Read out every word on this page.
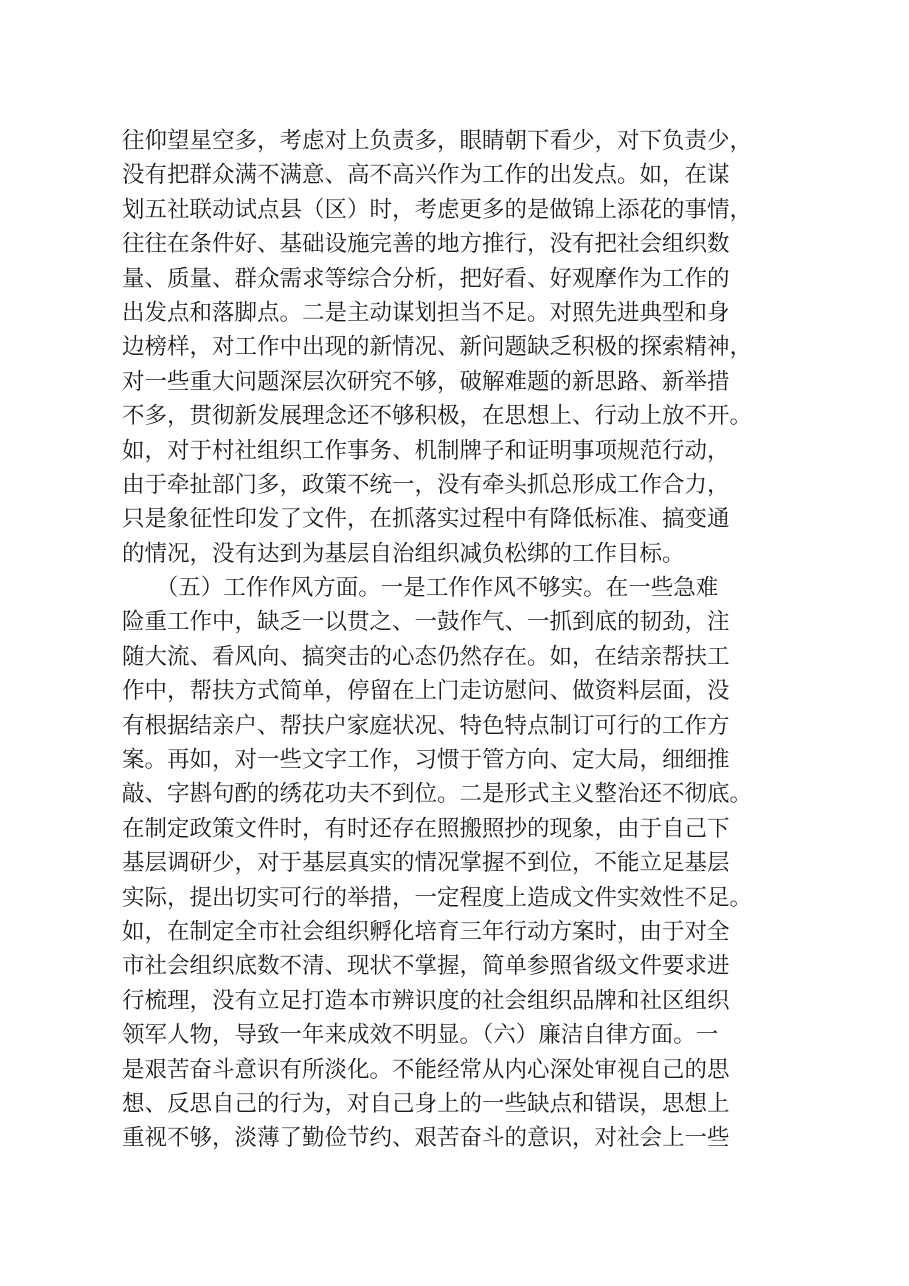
往仰望星空多，考虑对上负责多，眼睛朝下看少，对下负责少，
没有把群众满不满意、高不高兴作为工作的出发点。如，在谋
划五社联动试点县（区）时，考虑更多的是做锦上添花的事情，
往往在条件好、基础设施完善的地方推行，没有把社会组织数
量、质量、群众需求等综合分析，把好看、好观摩作为工作的
出发点和落脚点。二是主动谋划担当不足。对照先进典型和身
边榜样，对工作中出现的新情况、新问题缺乏积极的探索精神，
对一些重大问题深层次研究不够，破解难题的新思路、新举措
不多，贯彻新发展理念还不够积极，在思想上、行动上放不开。
如，对于村社组织工作事务、机制牌子和证明事项规范行动，
由于牵扯部门多，政策不统一，没有牵头抓总形成工作合力，
只是象征性印发了文件，在抓落实过程中有降低标准、搞变通
的情况，没有达到为基层自治组织减负松绑的工作目标。
　　（五）工作作风方面。一是工作作风不够实。在一些急难
险重工作中，缺乏一以贯之、一鼓作气、一抓到底的韧劲，注
随大流、看风向、搞突击的心态仍然存在。如，在结亲帮扶工
作中，帮扶方式简单，停留在上门走访慰问、做资料层面，没
有根据结亲户、帮扶户家庭状况、特色特点制订可行的工作方
案。再如，对一些文字工作，习惯于管方向、定大局，细细推
敲、字斟句酌的绣花功夫不到位。二是形式主义整治还不彻底。
在制定政策文件时，有时还存在照搬照抄的现象，由于自己下
基层调研少，对于基层真实的情况掌握不到位，不能立足基层
实际，提出切实可行的举措，一定程度上造成文件实效性不足。
如，在制定全市社会组织孵化培育三年行动方案时，由于对全
市社会组织底数不清、现状不掌握，简单参照省级文件要求进
行梳理，没有立足打造本市辨识度的社会组织品牌和社区组织
领军人物，导致一年来成效不明显。（六）廉洁自律方面。一
是艰苦奋斗意识有所淡化。不能经常从内心深处审视自己的思
想、反思自己的行为，对自己身上的一些缺点和错误，思想上
重视不够，淡薄了勤俭节约、艰苦奋斗的意识，对社会上一些
